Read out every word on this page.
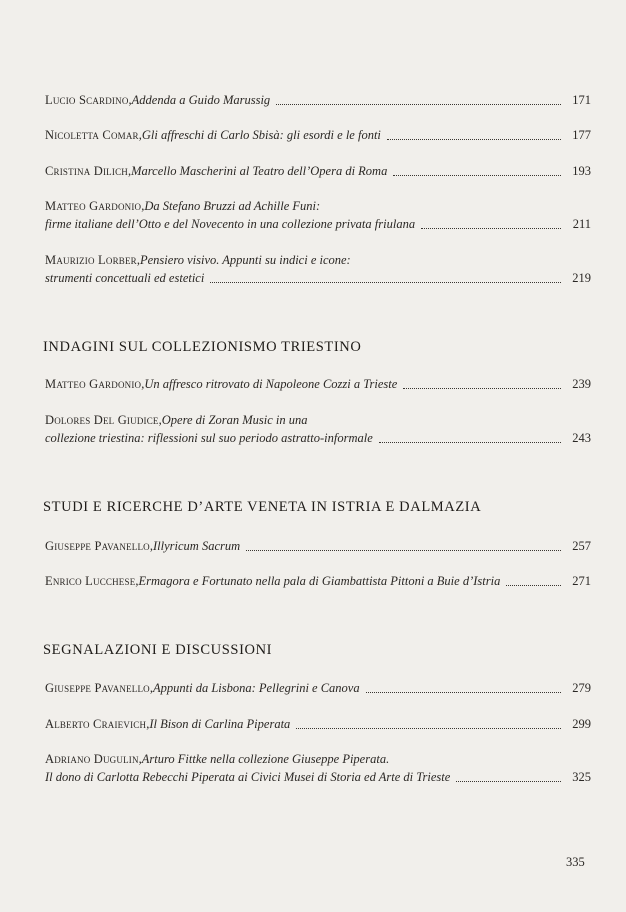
Lucio Scardino , Addenda a Guido Marussig	171
Nicoletta Comar , Gli affreschi di Carlo Sbisà: gli esordi e le fonti	177
Cristina Dilich , Marcello Mascherini al Teatro dell’Opera di Roma	193
Matteo Gardonio , Da Stefano Bruzzi ad Achille Funi:
firme italiane dell’Otto e del Novecento in una collezione privata friulana	211
Maurizio Lorber , Pensiero visivo. Appunti su indici e icone:
strumenti concettuali ed estetici	219
INDAGINI SUL COLLEZIONISMO TRIESTINO
Matteo Gardonio , Un affresco ritrovato di Napoleone Cozzi a Trieste	239
Dolores Del Giudice , Opere di Zoran Music in una
collezione triestina: riflessioni sul suo periodo astratto-informale	243
STUDI E RICERCHE D’ARTE VENETA IN ISTRIA E DALMAZIA
Giuseppe Pavanello , Illyricum Sacrum	257
Enrico Lucchese , Ermagora e Fortunato nella pala di Giambattista Pittoni a Buie d’Istria	271
SEGNALAZIONI E DISCUSSIONI
Giuseppe Pavanello , Appunti da Lisbona: Pellegrini e Canova	279
Alberto Craievich , Il Bison di Carlina Piperata	299
Adriano Dugulin , Arturo Fittke nella collezione Giuseppe Piperata.
Il dono di Carlotta Rebecchi Piperata ai Civici Musei di Storia ed Arte di Trieste	325
335
